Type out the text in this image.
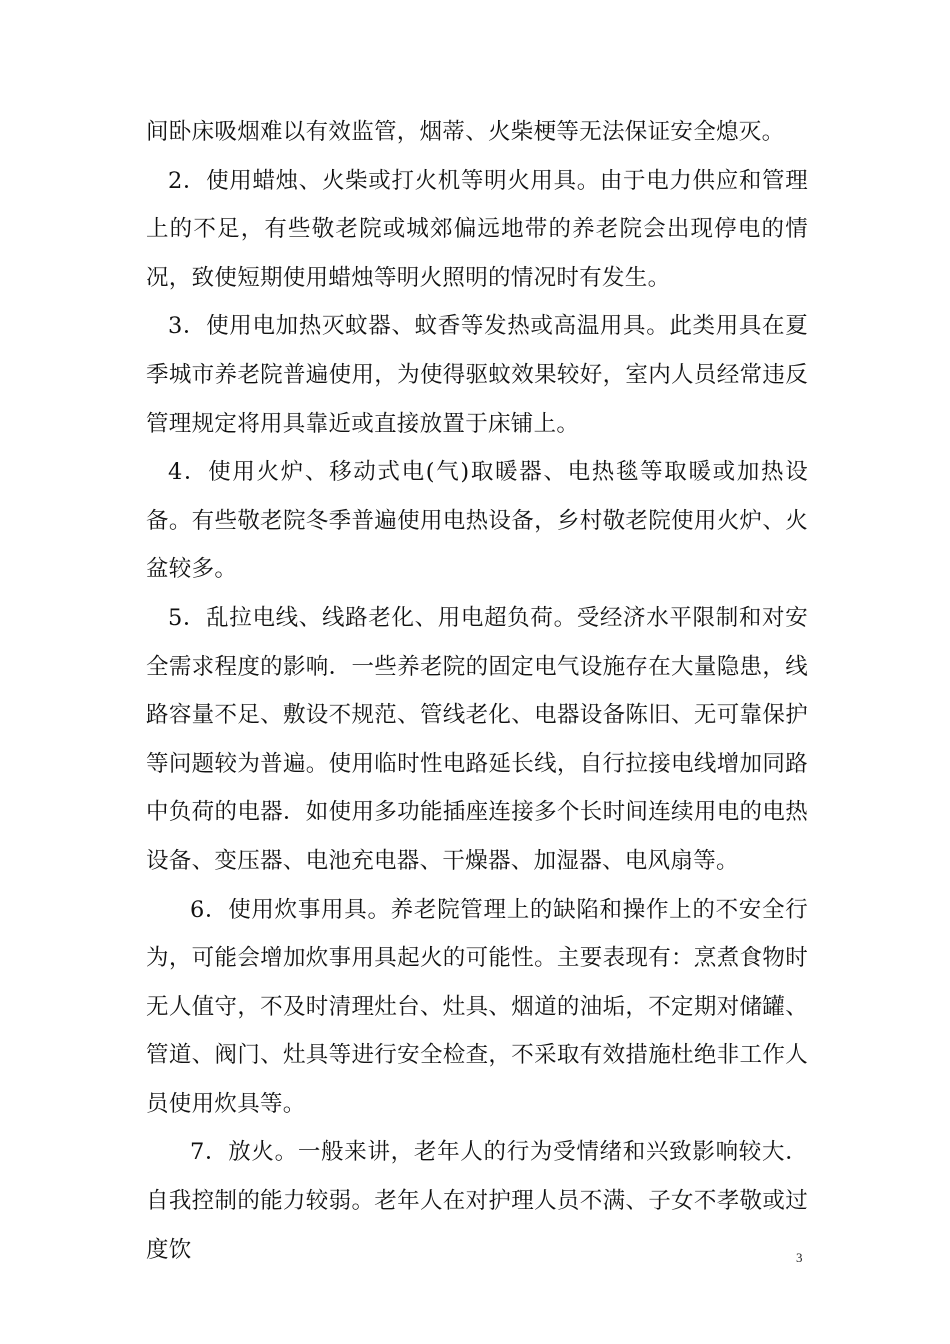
间卧床吸烟难以有效监管，烟蒂、火柴梗等无法保证安全熄灭。

2．使用蜡烛、火柴或打火机等明火用具。由于电力供应和管理上的不足，有些敬老院或城郊偏远地带的养老院会出现停电的情况，致使短期使用蜡烛等明火照明的情况时有发生。

3．使用电加热灭蚊器、蚊香等发热或高温用具。此类用具在夏季城市养老院普遍使用，为使得驱蚊效果较好，室内人员经常违反管理规定将用具靠近或直接放置于床铺上。

4．使用火炉、移动式电(气)取暖器、电热毯等取暖或加热设备。有些敬老院冬季普遍使用电热设备，乡村敬老院使用火炉、火盆较多。

5．乱拉电线、线路老化、用电超负荷。受经济水平限制和对安全需求程度的影响．一些养老院的固定电气设施存在大量隐患，线路容量不足、敷设不规范、管线老化、电器设备陈旧、无可靠保护等问题较为普遍。使用临时性电路延长线，自行拉接电线增加同路中负荷的电器．如使用多功能插座连接多个长时间连续用电的电热设备、变压器、电池充电器、干燥器、加湿器、电风扇等。

6．使用炊事用具。养老院管理上的缺陷和操作上的不安全行为，可能会增加炊事用具起火的可能性。主要表现有：烹煮食物时无人值守，不及时清理灶台、灶具、烟道的油垢，不定期对储罐、管道、阀门、灶具等进行安全检查，不采取有效措施杜绝非工作人员使用炊具等。

7．放火。一般来讲，老年人的行为受情绪和兴致影响较大．自我控制的能力较弱。老年人在对护理人员不满、子女不孝敬或过度饮	3
